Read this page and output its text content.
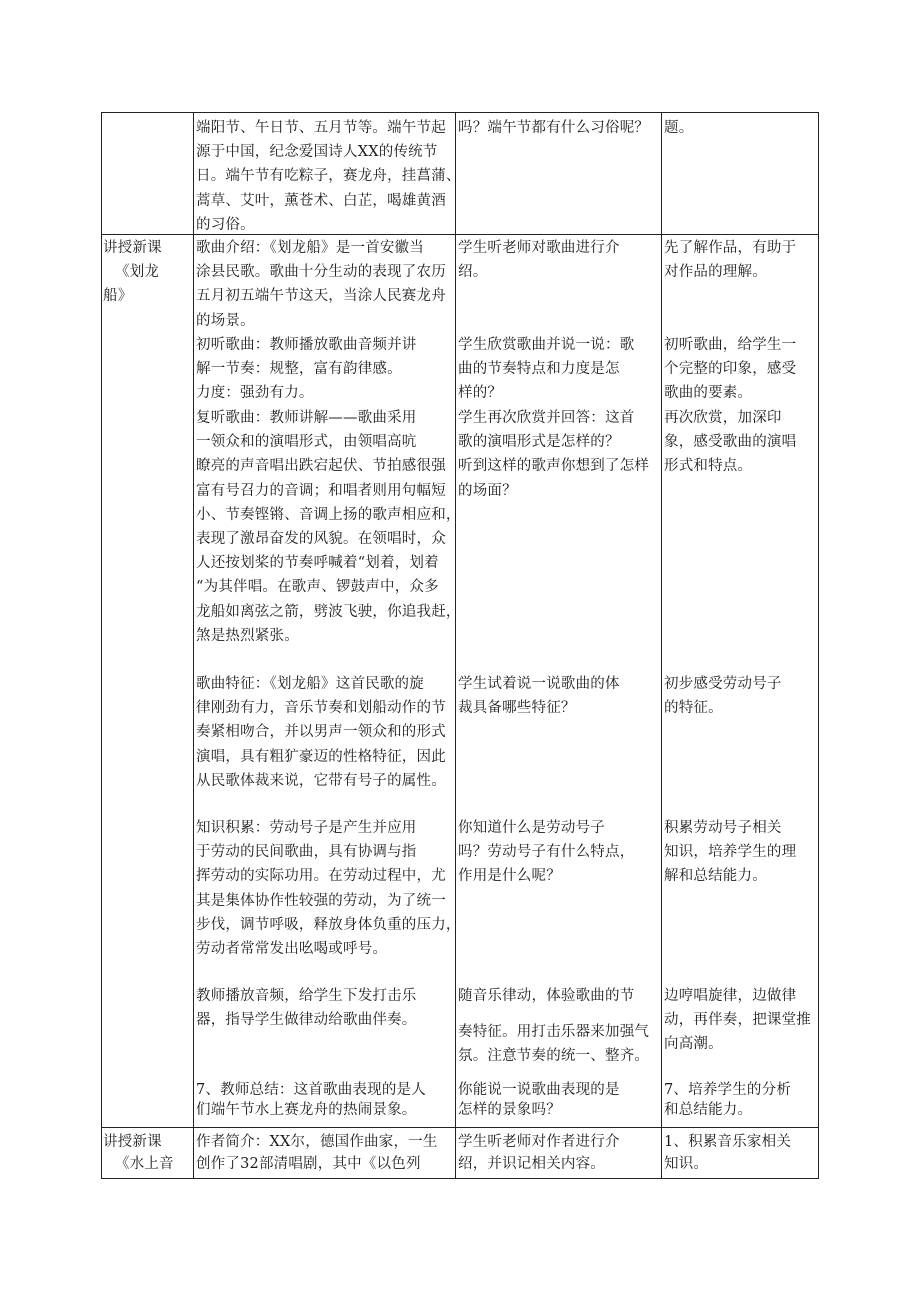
端阳节、午日节、五月节等。端午节起
源于中国，纪念爱国诗人XX的传统节
日。端午节有吃粽子，赛龙舟，挂菖蒲、
蒿草、艾叶，薰苍术、白芷，喝雄黄酒
的习俗。
吗？端午节都有什么习俗呢？ 题。
讲授新课
《划龙
船》
歌曲介绍：《划龙船》是一首安徽当
涂县民歌。歌曲十分生动的表现了农历
五月初五端午节这天，当涂人民赛龙舟
的场景。
学生听老师对歌曲进行介
绍。
先了解作品，有助于
对作品的理解。
初听歌曲：教师播放歌曲音频并讲
解一节奏：规整，富有韵律感。
力度：强劲有力。
学生欣赏歌曲并说一说：歌
曲的节奏特点和力度是怎
样的？
初听歌曲，给学生一
个完整的印象，感受
歌曲的要素。
复听歌曲：教师讲解——歌曲采用
一领众和的演唱形式，由领唱高吭
瞭亮的声音唱出跌宕起伏、节拍感很强
富有号召力的音调；和唱者则用句幅短
小、节奏铿锵、音调上扬的歌声相应和，
表现了激昂奋发的风貌。在领唱时，众
人还按划桨的节奏呼喊着“划着，划着
“为其伴唱。在歌声、锣鼓声中，众多
龙船如离弦之箭，劈波飞驶，你追我赶，
煞是热烈紧张。
学生再次欣赏并回答：这首
歌的演唱形式是怎样的？
听到这样的歌声你想到了怎样
的场面？
再次欣赏，加深印
象，感受歌曲的演唱
形式和特点。
歌曲特征：《划龙船》这首民歌的旋
律刚劲有力，音乐节奏和划船动作的节
奏紧相吻合，并以男声一领众和的形式
演唱，具有粗犷豪迈的性格特征，因此
从民歌体裁来说，它带有号子的属性。
学生试着说一说歌曲的体
裁具备哪些特征？
初步感受劳动号子
的特征。
知识积累：劳动号子是产生并应用
于劳动的民间歌曲，具有协调与指
挥劳动的实际功用。在劳动过程中，尤
其是集体协作性较强的劳动，为了统一
步伐，调节呼吸，释放身体负重的压力，
劳动者常常发出吆喝或呼号。
你知道什么是劳动号子
吗？劳动号子有什么特点，
作用是什么呢？
积累劳动号子相关
知识，培养学生的理
解和总结能力。
教师播放音频，给学生下发打击乐
器，指导学生做律动给歌曲伴奏。
随音乐律动，体验歌曲的节
奏特征。用打击乐器来加强气
氛。注意节奏的统一、整齐。
边哼唱旋律，边做律
动，再伴奏，把课堂推
向高潮。
7、教师总结：这首歌曲表现的是人
们端午节水上赛龙舟的热闹景象。
你能说一说歌曲表现的是
怎样的景象吗？
7、培养学生的分析
和总结能力。
讲授新课
《水上音
作者简介：XX尔，德国作曲家，一生
创作了32部清唱剧，其中《以色列
学生听老师对作者进行介
绍，并识记相关内容。
1、积累音乐家相关
知识。
